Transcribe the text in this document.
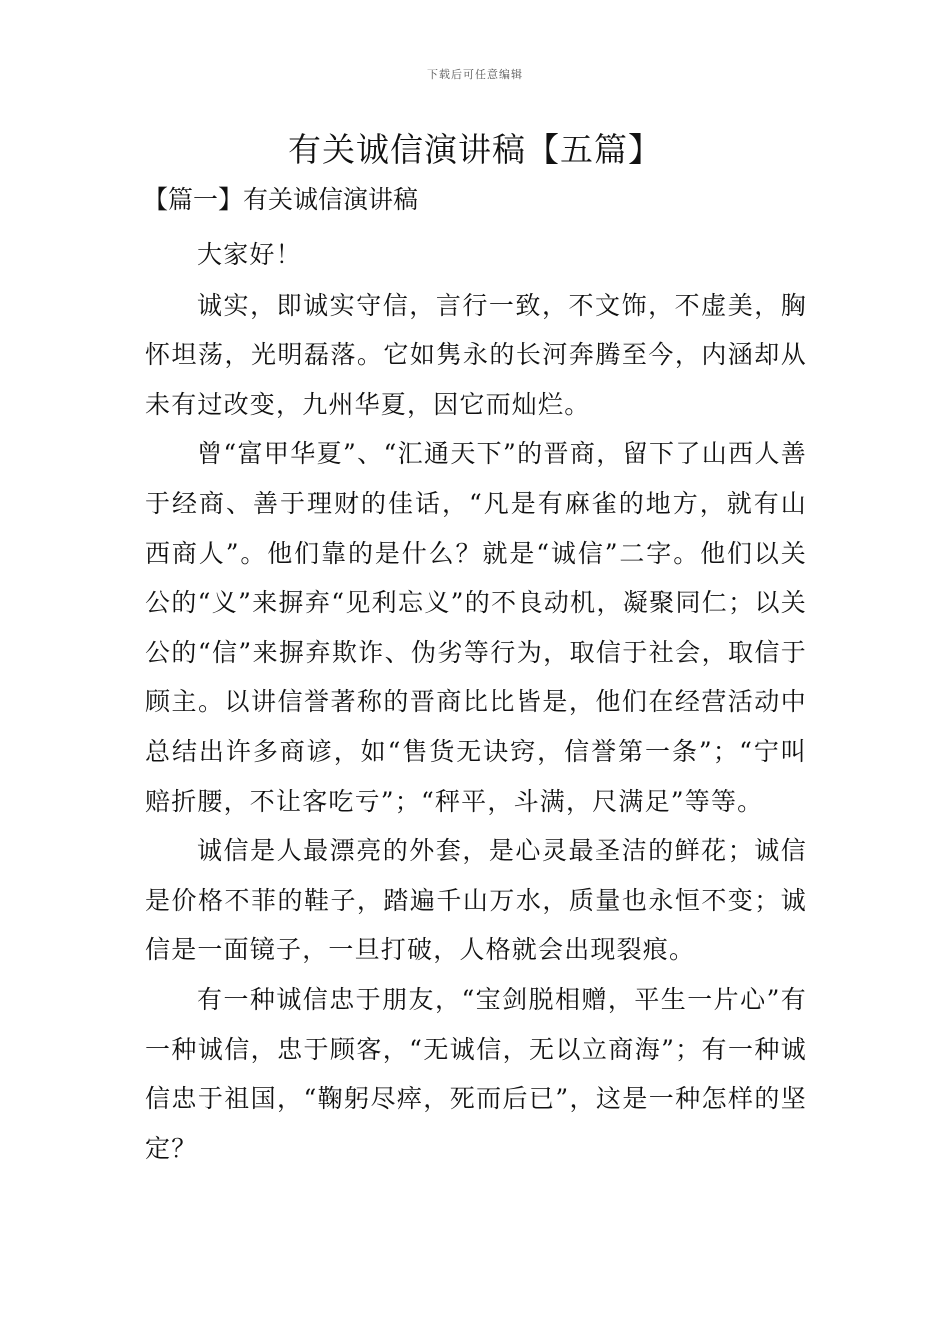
下载后可任意编辑
有关诚信演讲稿【五篇】
【篇一】有关诚信演讲稿

大家好！

诚实，即诚实守信，言行一致，不文饰，不虚美，胸怀坦荡，光明磊落。它如隽永的长河奔腾至今，内涵却从未有过改变，九州华夏，因它而灿烂。

曾“富甲华夏”、“汇通天下”的晋商，留下了山西人善于经商、善于理财的佳话，“凡是有麻雀的地方，就有山西商人”。他们靠的是什么？就是“诚信”二字。他们以关公的“义”来摒弃“见利忘义”的不良动机，凝聚同仁；以关公的“信”来摒弃欺诈、伪劣等行为，取信于社会，取信于顾主。以讲信誉著称的晋商比比皆是，他们在经营活动中总结出许多商谚，如“售货无诀窍，信誉第一条”；“宁叫赔折腰，不让客吃亏”；“秤平，斗满，尺满足”等等。

诚信是人最漂亮的外套，是心灵最圣洁的鲜花；诚信是价格不菲的鞋子，踏遍千山万水，质量也永恒不变；诚信是一面镜子，一旦打破，人格就会出现裂痕。

有一种诚信忠于朋友，“宝剑脱相赠，平生一片心”有一种诚信，忠于顾客，“无诚信，无以立商海”；有一种诚信忠于祖国，“鞠躬尽瘁，死而后已”，这是一种怎样的坚定？
